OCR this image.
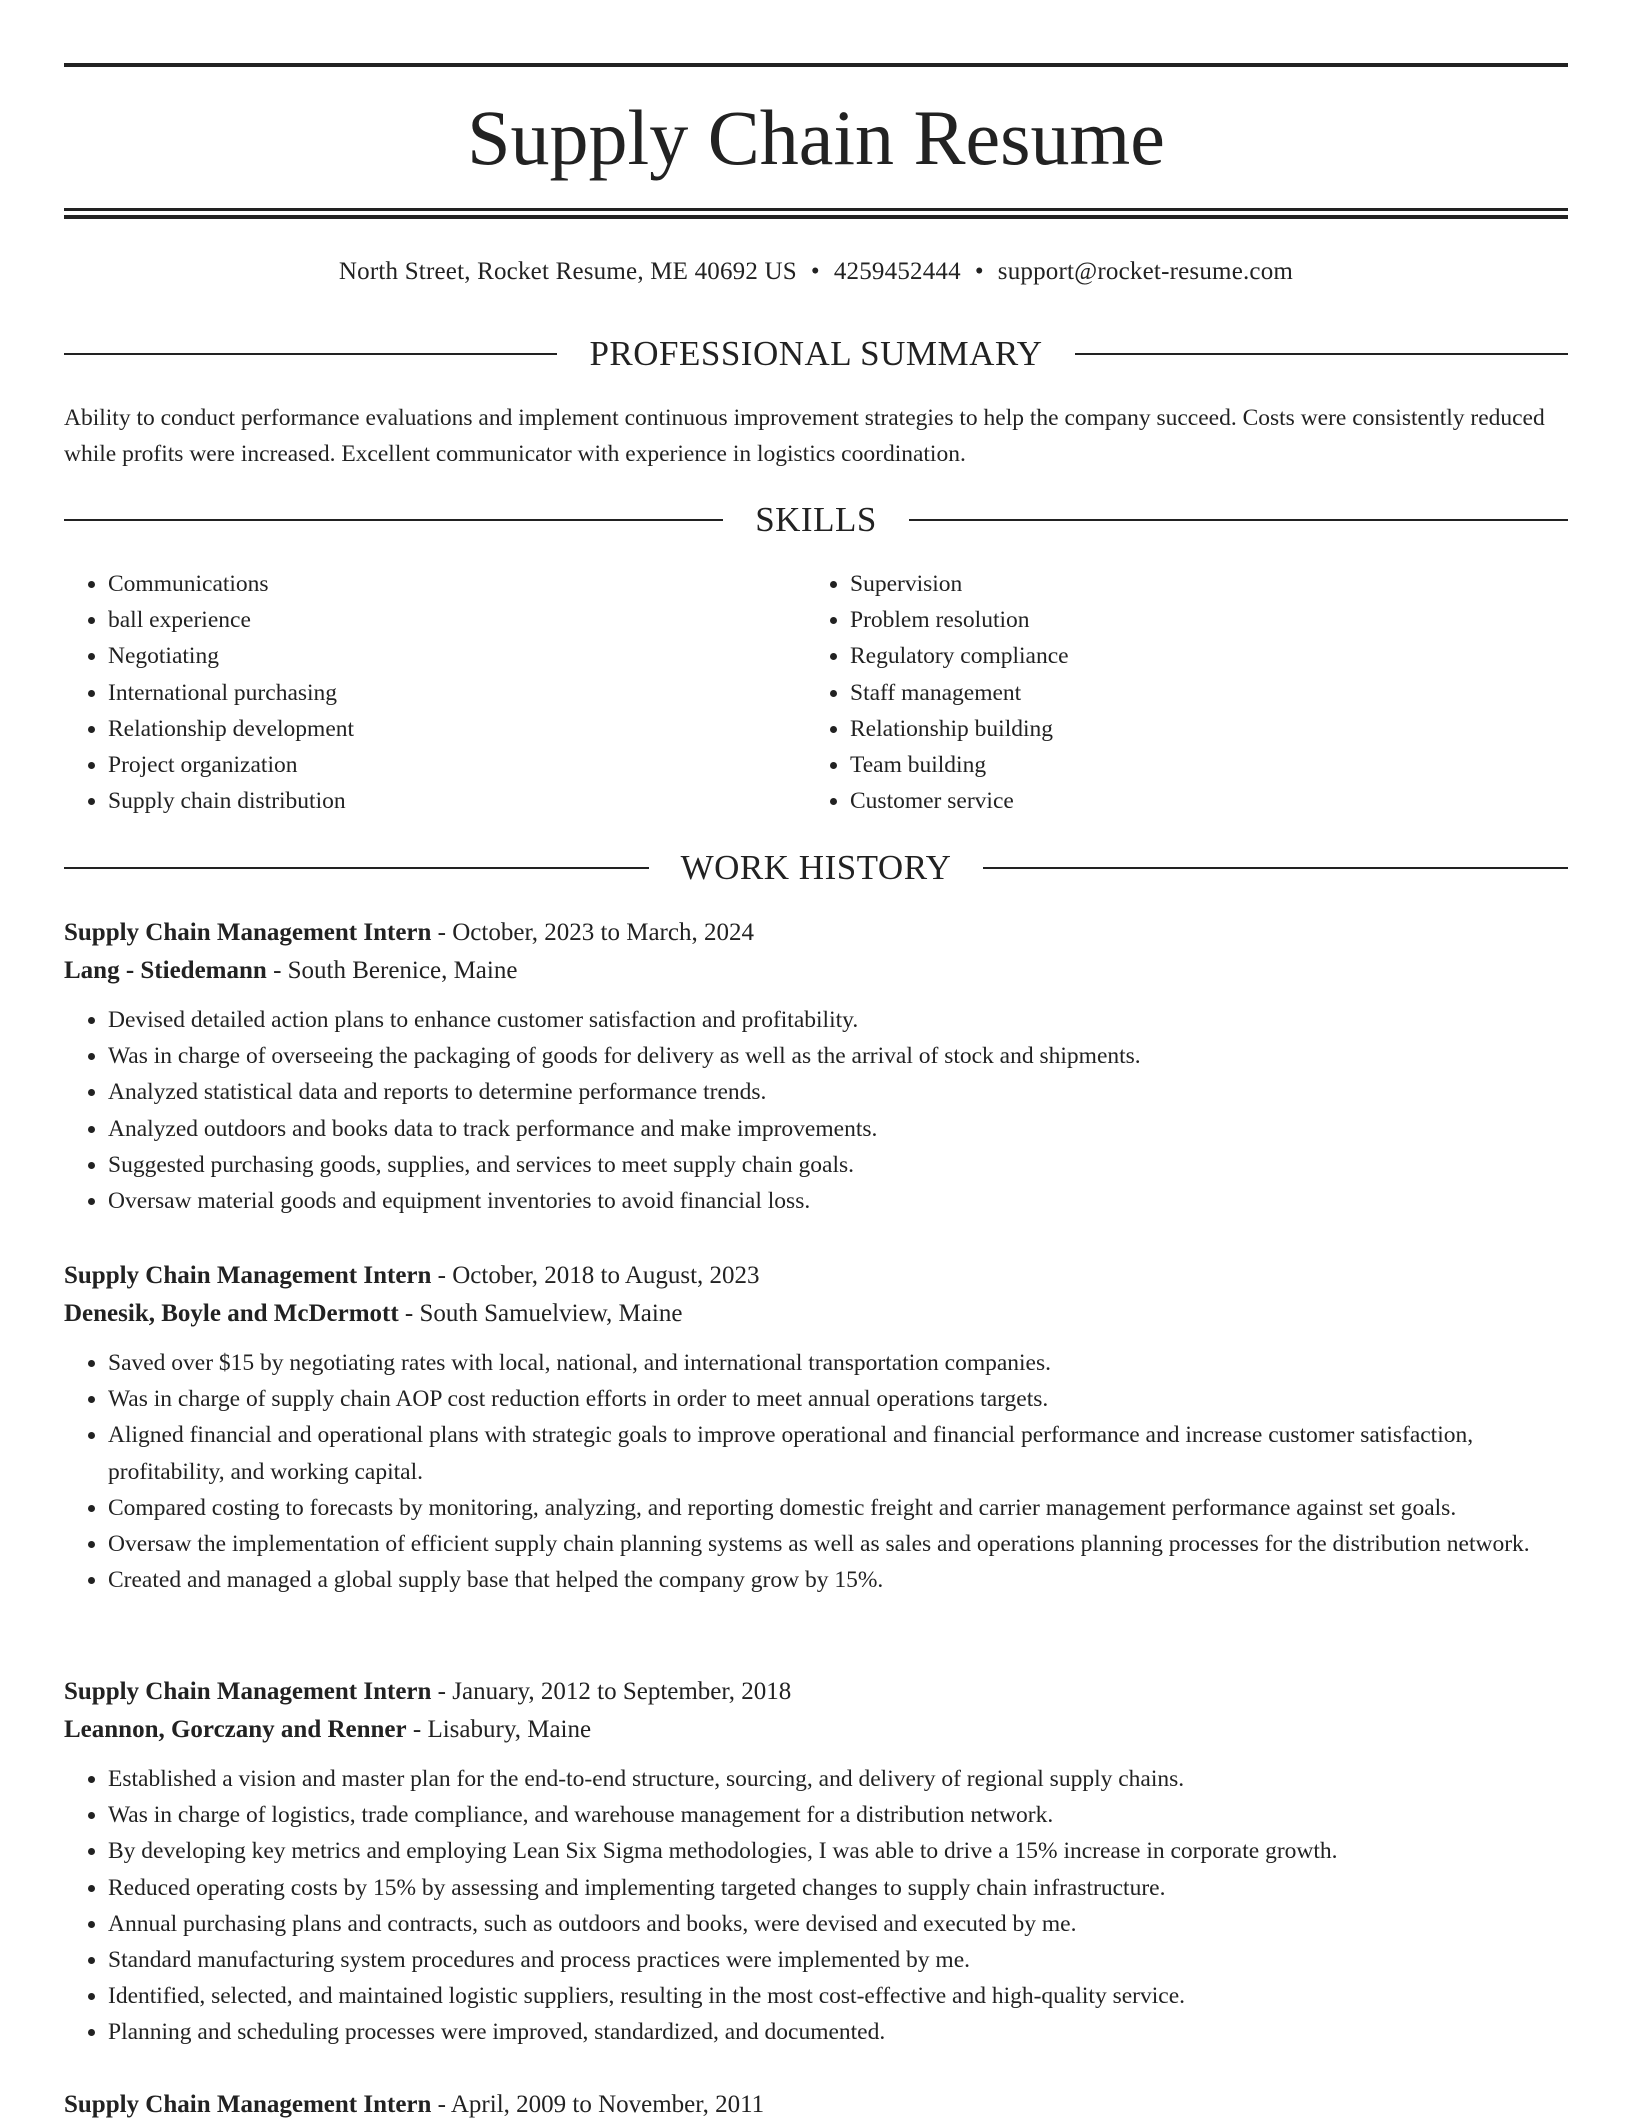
Supply Chain Resume
North Street, Rocket Resume, ME 40692 US • 4259452444 • support@rocket-resume.com
PROFESSIONAL SUMMARY

Ability to conduct performance evaluations and implement continuous improvement strategies to help the company succeed. Costs were consistently reduced while profits were increased. Excellent communicator with experience in logistics coordination.

SKILLS
• Communications
• ball experience
• Negotiating
• International purchasing
• Relationship development
• Project organization
• Supply chain distribution
• Supervision
• Problem resolution
• Regulatory compliance
• Staff management
• Relationship building
• Team building
• Customer service
WORK HISTORY

Supply Chain Management Intern - October, 2023 to March, 2024

Lang - Stiedemann - South Berenice, Maine

• Devised detailed action plans to enhance customer satisfaction and profitability.
• Was in charge of overseeing the packaging of goods for delivery as well as the arrival of stock and shipments.
• Analyzed statistical data and reports to determine performance trends.
• Analyzed outdoors and books data to track performance and make improvements.
• Suggested purchasing goods, supplies, and services to meet supply chain goals.
• Oversaw material goods and equipment inventories to avoid financial loss.

Supply Chain Management Intern - October, 2018 to August, 2023

Denesik, Boyle and McDermott - South Samuelview, Maine

• Saved over $15 by negotiating rates with local, national, and international transportation companies.
• Was in charge of supply chain AOP cost reduction efforts in order to meet annual operations targets.
• Aligned financial and operational plans with strategic goals to improve operational and financial performance and increase customer satisfaction, profitability, and working capital.
• Compared costing to forecasts by monitoring, analyzing, and reporting domestic freight and carrier management performance against set goals.
• Oversaw the implementation of efficient supply chain planning systems as well as sales and operations planning processes for the distribution network.
• Created and managed a global supply base that helped the company grow by 15%.

Supply Chain Management Intern - January, 2012 to September, 2018

Leannon, Gorczany and Renner - Lisabury, Maine

• Established a vision and master plan for the end-to-end structure, sourcing, and delivery of regional supply chains.
• Was in charge of logistics, trade compliance, and warehouse management for a distribution network.
• By developing key metrics and employing Lean Six Sigma methodologies, I was able to drive a 15% increase in corporate growth.
• Reduced operating costs by 15% by assessing and implementing targeted changes to supply chain infrastructure.
• Annual purchasing plans and contracts, such as outdoors and books, were devised and executed by me.
• Standard manufacturing system procedures and process practices were implemented by me.
• Identified, selected, and maintained logistic suppliers, resulting in the most cost-effective and high-quality service.
• Planning and scheduling processes were improved, standardized, and documented.

Supply Chain Management Intern - April, 2009 to November, 2011
